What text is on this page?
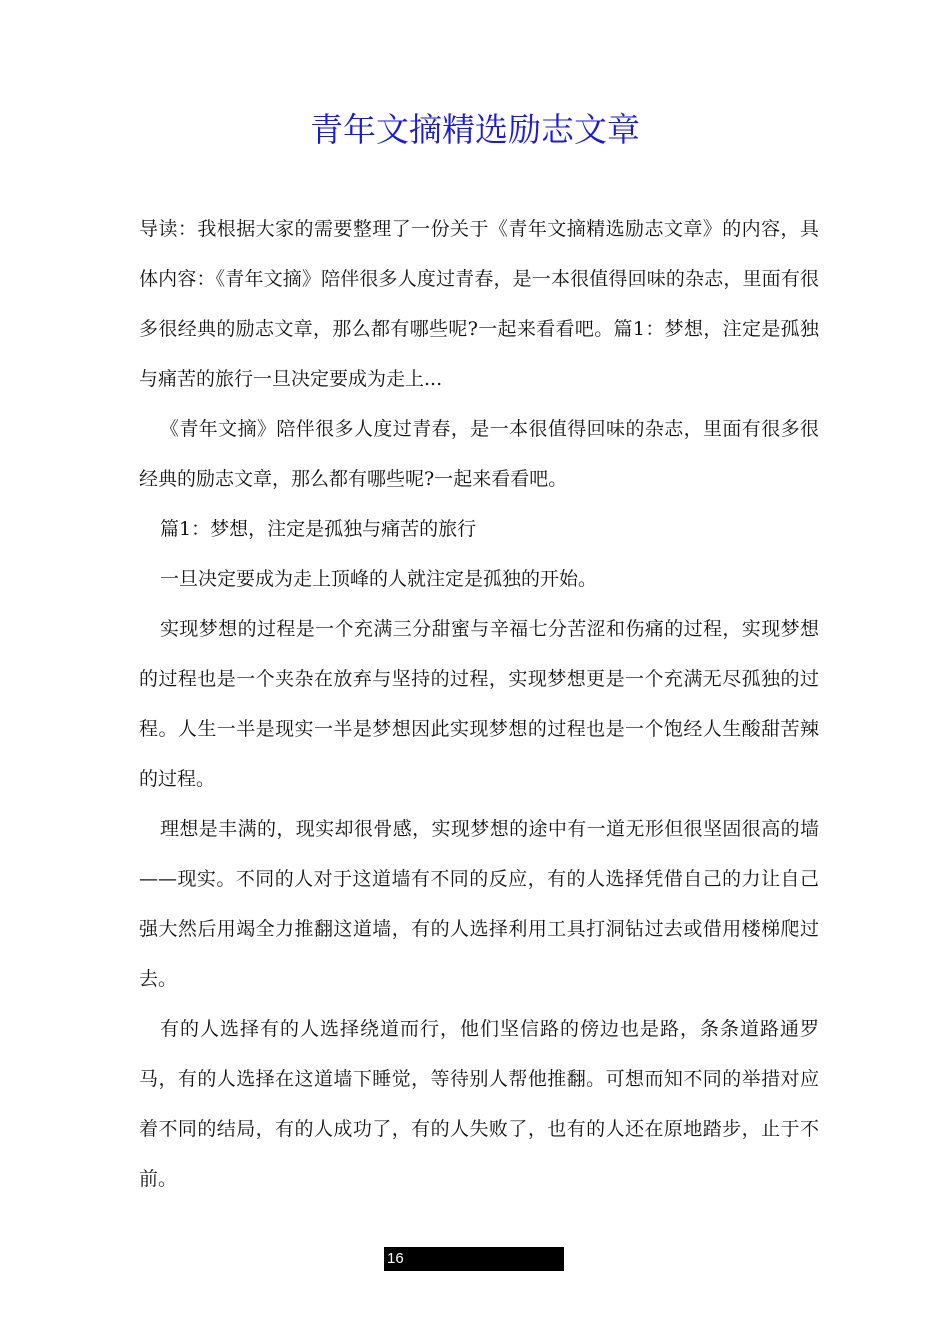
青年文摘精选励志文章

导读：我根据大家的需要整理了一份关于《青年文摘精选励志文章》的内容，具体内容：《青年文摘》陪伴很多人度过青春，是一本很值得回味的杂志，里面有很多很经典的励志文章，那么都有哪些呢?一起来看看吧。篇1：梦想，注定是孤独与痛苦的旅行一旦决定要成为走上...

《青年文摘》陪伴很多人度过青春，是一本很值得回味的杂志，里面有很多很经典的励志文章，那么都有哪些呢?一起来看看吧。

篇1：梦想，注定是孤独与痛苦的旅行

一旦决定要成为走上顶峰的人就注定是孤独的开始。

实现梦想的过程是一个充满三分甜蜜与辛福七分苦涩和伤痛的过程，实现梦想的过程也是一个夹杂在放弃与坚持的过程，实现梦想更是一个充满无尽孤独的过程。人生一半是现实一半是梦想因此实现梦想的过程也是一个饱经人生酸甜苦辣的过程。

理想是丰满的，现实却很骨感，实现梦想的途中有一道无形但很坚固很高的墙——现实。不同的人对于这道墙有不同的反应，有的人选择凭借自己的力让自己强大然后用竭全力推翻这道墙，有的人选择利用工具打洞钻过去或借用楼梯爬过去。

有的人选择有的人选择绕道而行，他们坚信路的傍边也是路，条条道路通罗马，有的人选择在这道墙下睡觉，等待别人帮他推翻。可想而知不同的举措对应着不同的结局，有的人成功了，有的人失败了，也有的人还在原地踏步，止于不前。

16
